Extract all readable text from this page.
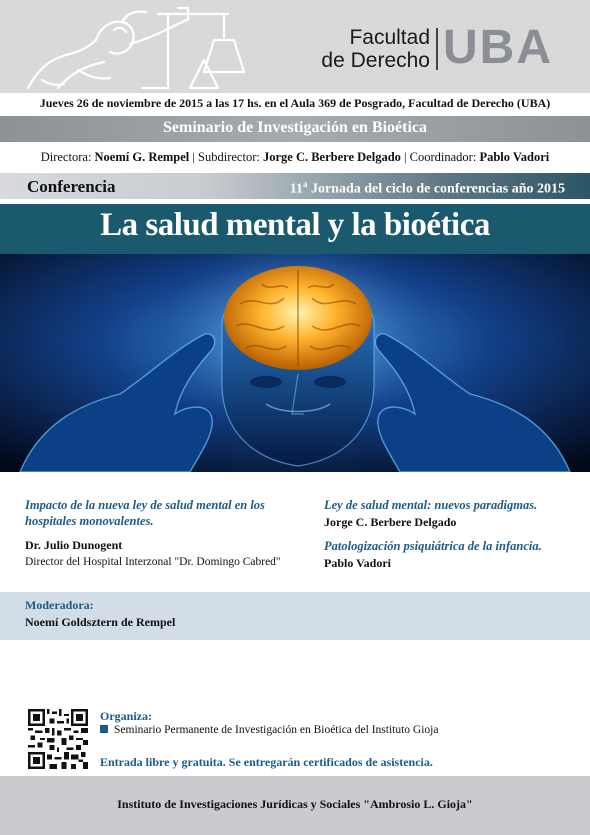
Facultad
de Derecho UBA
Jueves 26 de noviembre de 2015 a las 17 hs. en el Aula 369 de Posgrado, Facultad de Derecho (UBA)
Seminario de Investigación en Bioética
Directora: Noemí G. Rempel | Subdirector: Jorge C. Berbere Delgado | Coordinador: Pablo Vadori
Conferencia	11$^a$ Jornada del ciclo de conferencias año 2015
La salud mental y la bioética
Impacto de la nueva ley de salud mental en los hospitales monovalentes.
Dr. Julio Dunogent
Director del Hospital Interzonal "Dr. Domingo Cabred"
Ley de salud mental: nuevos paradigmas.
Jorge C. Berbere Delgado
Patologización psiquiátrica de la infancia.
Pablo Vadori
Moderadora:
Noemí Goldsztern de Rempel
Organiza:
Seminario Permanente de Investigación en Bioética del Instituto Gioja
Entrada libre y gratuita. Se entregarán certificados de asistencia.
Instituto de Investigaciones Jurídicas y Sociales "Ambrosio L. Gioja"
